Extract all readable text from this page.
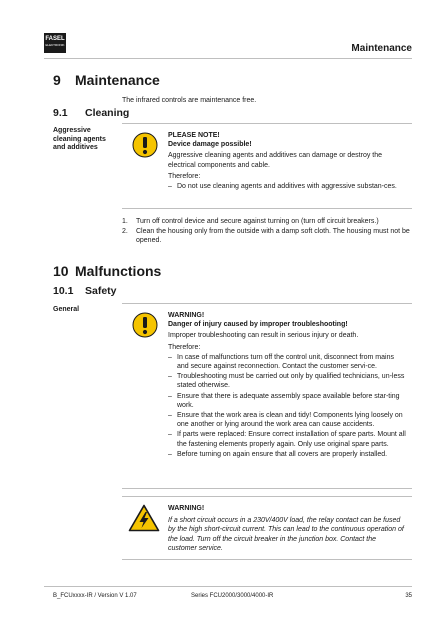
FASEL
ELEKTRONIK	Maintenance
9 Maintenance
The infrared controls are maintenance free.
9.1 Cleaning
Aggressive cleaning agents and additives
PLEASE NOTE!
Device damage possible!
Aggressive cleaning agents and additives can damage or destroy the electrical components and cable.
Therefore:
– Do not use cleaning agents and additives with aggressive substan-ces.
1. Turn off control device and secure against turning on (turn off circuit breakers.)
2. Clean the housing only from the outside with a damp soft cloth. The housing must not be opened.
10 Malfunctions
10.1 Safety
General
WARNING!
Danger of injury caused by improper troubleshooting!
Improper troubleshooting can result in serious injury or death.
Therefore:
– In case of malfunctions turn off the control unit, disconnect from mains and secure against reconnection. Contact the customer servi-ce.
– Troubleshooting must be carried out only by qualified technicians, un-less stated otherwise.
– Ensure that there is adequate assembly space available before star-ting work.
– Ensure that the work area is clean and tidy! Components lying loosely on one another or lying around the work area can cause accidents.
– If parts were replaced: Ensure correct installation of spare parts. Mount all the fastening elements properly again. Only use original spare parts.
– Before turning on again ensure that all covers are properly installed.
WARNING!
If a short circuit occurs in a 230V/400V load, the relay contact can be fused by the high short-circuit current. This can lead to the continuous operation of the load. Turn off the circuit breaker in the junction box. Contact the customer service.
B_FCUxxxx-IR / Version V 1.07	Series FCU2000/3000/4000-IR	35
